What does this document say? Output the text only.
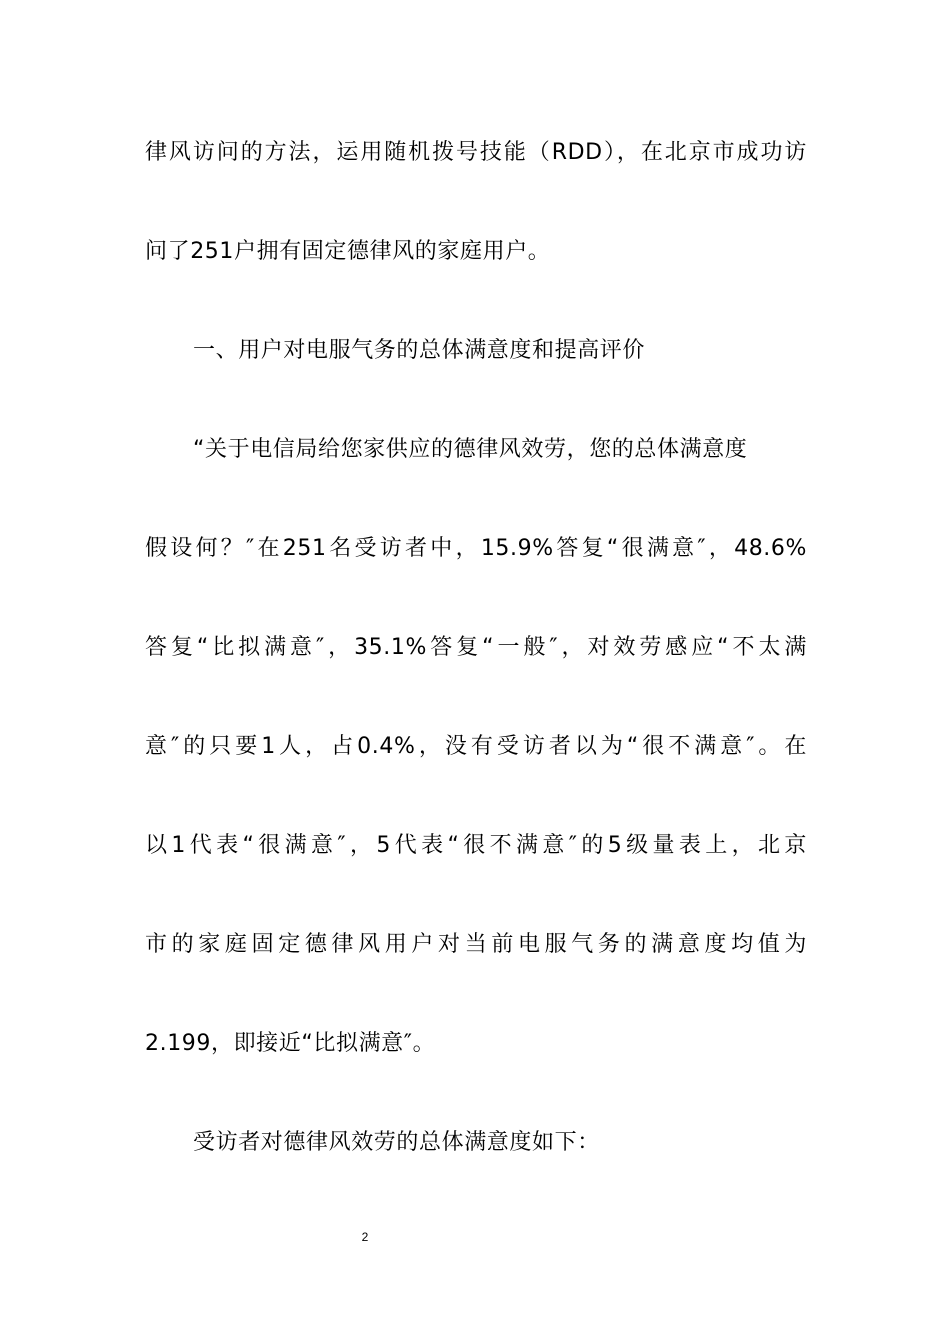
律风访问的方法，运用随机拨号技能（RDD），在北京市成功访
问了251户拥有固定德律风的家庭用户。
一、用户对电服气务的总体满意度和提高评价
“关于电信局给您家供应的德律风效劳，您的总体满意度
假设何？″在251名受访者中，15.9%答复“很满意″，48.6%
答复“比拟满意″，35.1%答复“一般″，对效劳感应“不太满
意″的只要1人，占0.4%，没有受访者以为“很不满意″。在
以1代表“很满意″，5代表“很不满意″的5级量表上，北京
市的家庭固定德律风用户对当前电服气务的满意度均值为
2.199，即接近“比拟满意″。
受访者对德律风效劳的总体满意度如下：
2
